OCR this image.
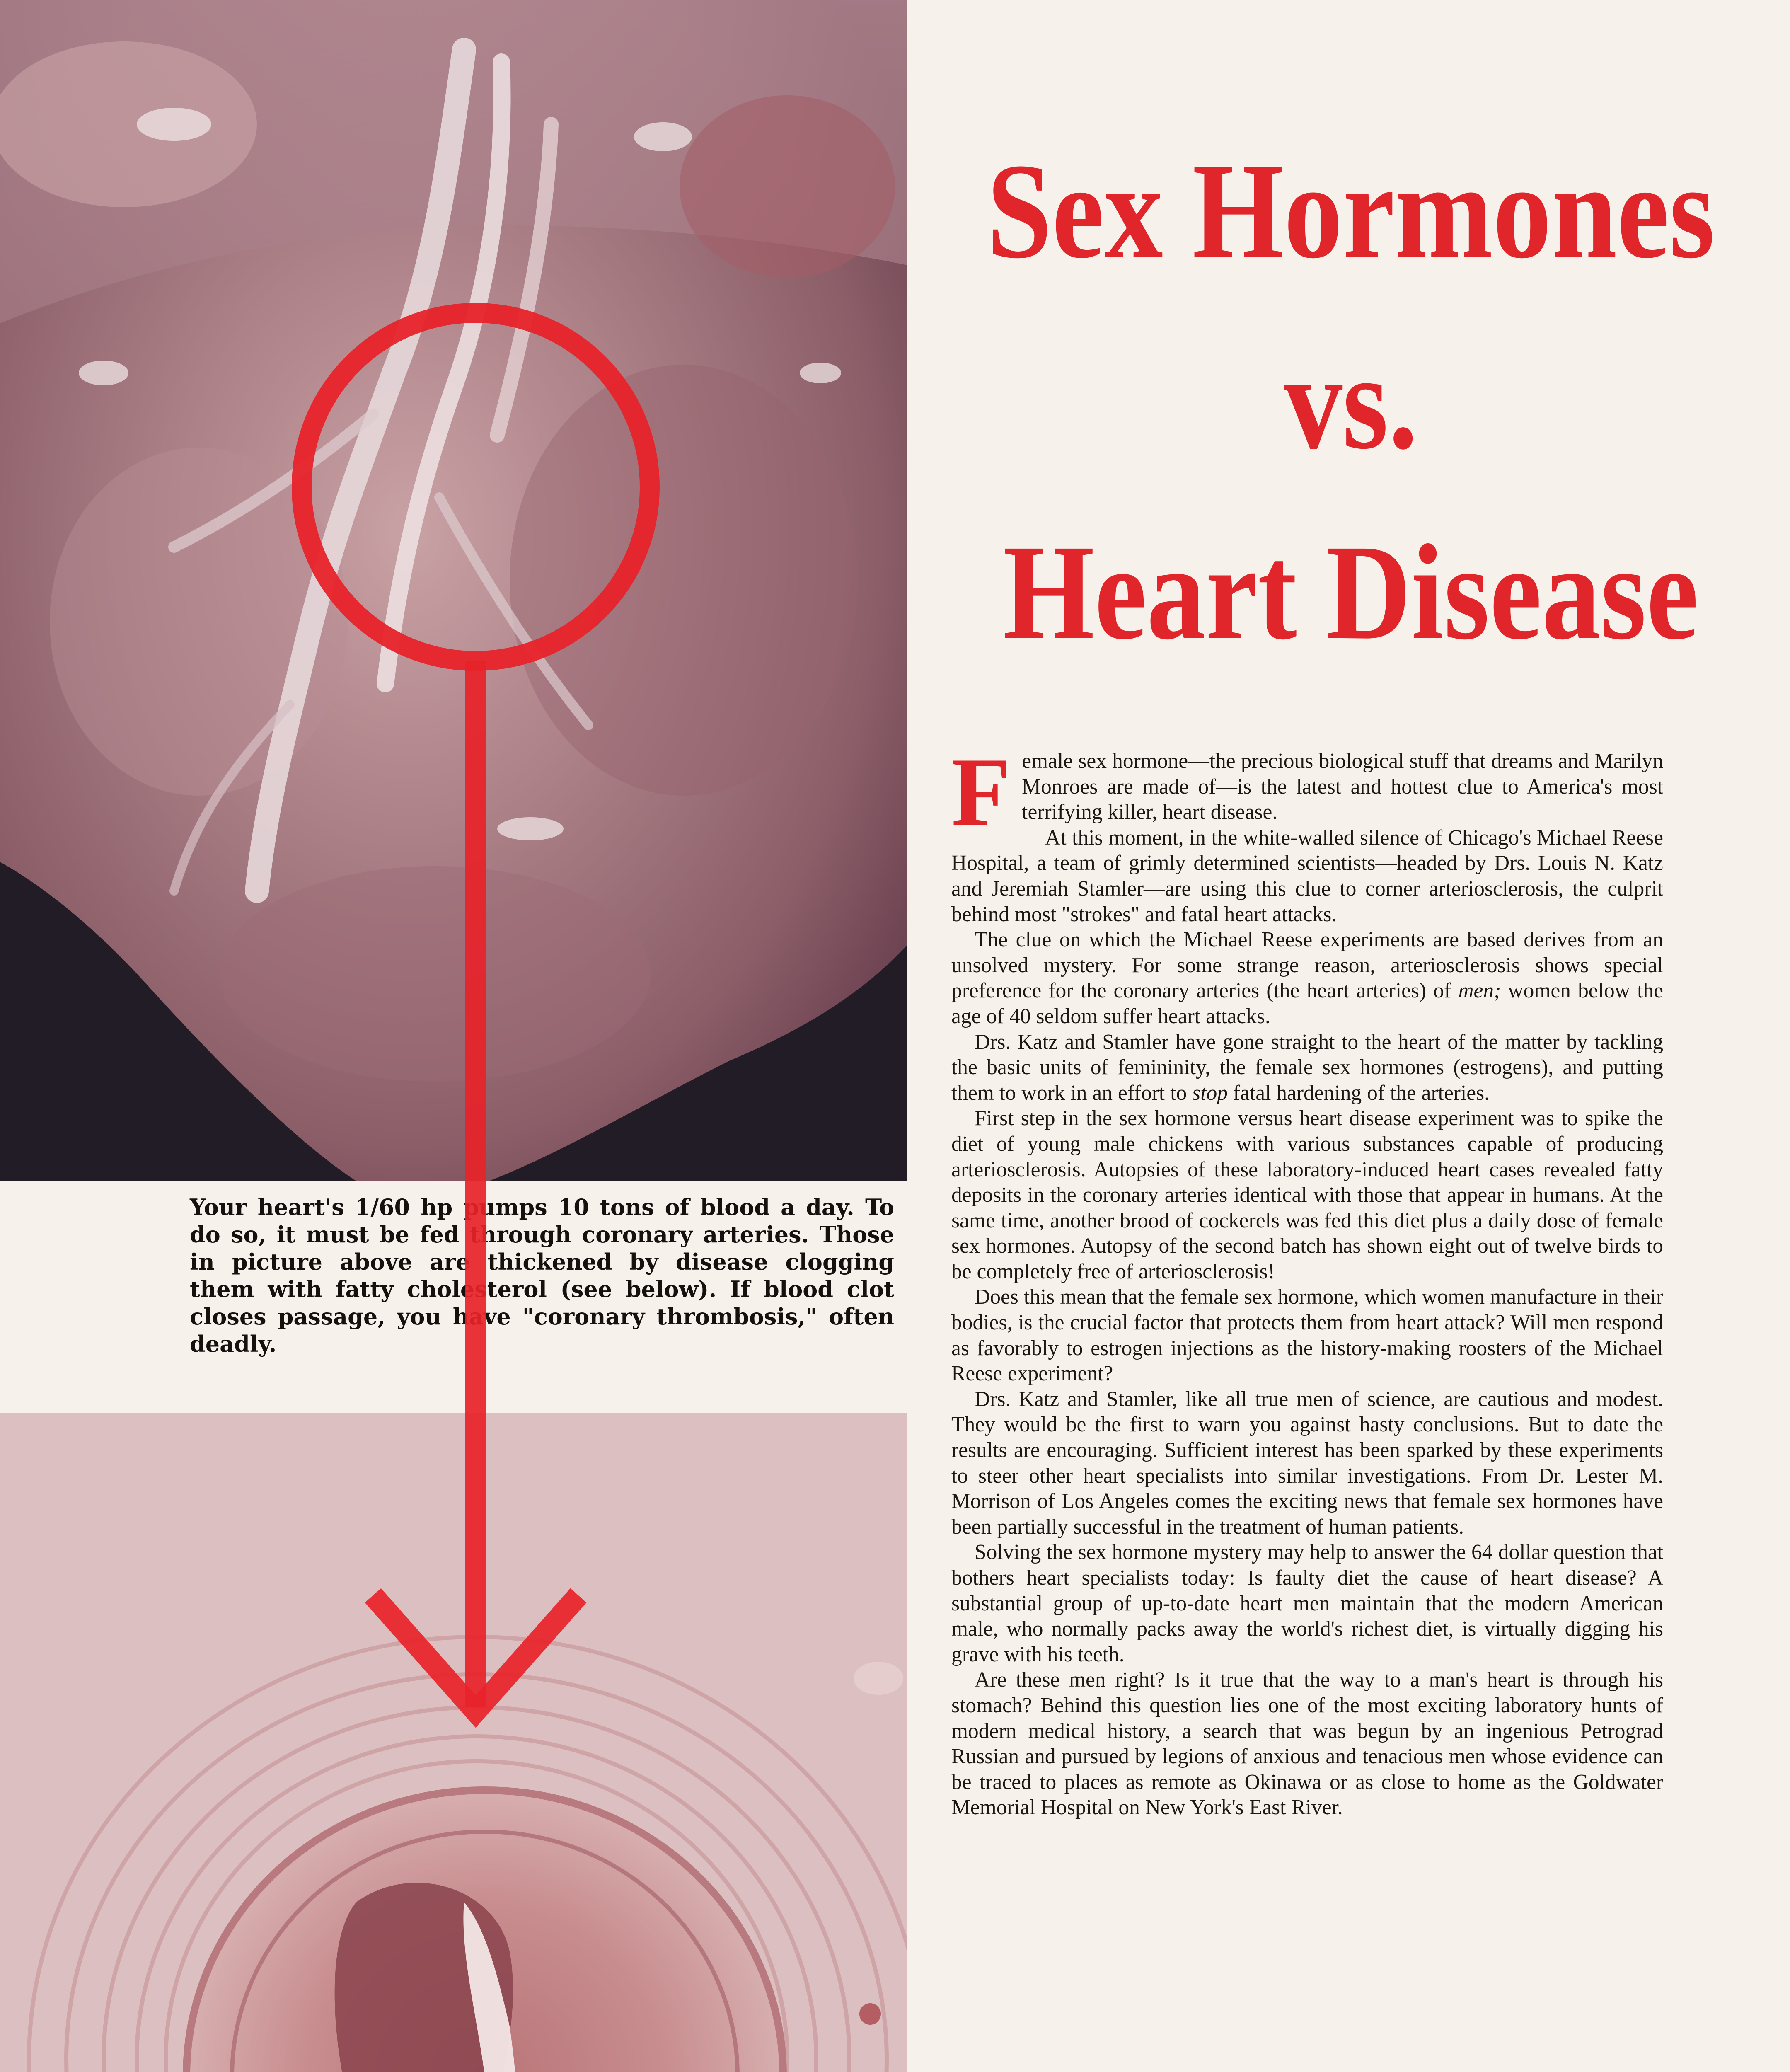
Your heart's 1/60 hp pumps 10 tons of blood a day. To do so, it must be fed through coronary arteries. Those in picture above are thickened by disease clogging them with fatty cholesterol (see below). If blood clot closes passage, you have "coronary thrombosis," often deadly.
Sex Hormones
vs.
Heart Disease

Female sex hormone—the precious biological stuff that dreams and Marilyn Monroes are made of—is the latest and hottest clue to America's most terrifying killer, heart disease.

At this moment, in the white-walled silence of Chicago's Michael Reese Hospital, a team of grimly determined scientists—headed by Drs. Louis N. Katz and Jeremiah Stamler—are using this clue to corner arteriosclerosis, the culprit behind most "strokes" and fatal heart attacks.

The clue on which the Michael Reese experiments are based derives from an unsolved mystery. For some strange reason, arteriosclerosis shows special preference for the coronary arteries (the heart arteries) of men; women below the age of 40 seldom suffer heart attacks.

Drs. Katz and Stamler have gone straight to the heart of the matter by tackling the basic units of femininity, the female sex hormones (estrogens), and putting them to work in an effort to stop fatal hardening of the arteries.

First step in the sex hormone versus heart disease experiment was to spike the diet of young male chickens with various substances capable of producing arteriosclerosis. Autopsies of these laboratory-induced heart cases revealed fatty deposits in the coronary arteries identical with those that appear in humans. At the same time, another brood of cockerels was fed this diet plus a daily dose of female sex hormones. Autopsy of the second batch has shown eight out of twelve birds to be completely free of arteriosclerosis!

Does this mean that the female sex hormone, which women manufacture in their bodies, is the crucial factor that protects them from heart attack? Will men respond as favorably to estrogen injections as the history-making roosters of the Michael Reese experiment?

Drs. Katz and Stamler, like all true men of science, are cautious and modest. They would be the first to warn you against hasty conclusions. But to date the results are encouraging. Sufficient interest has been sparked by these experiments to steer other heart specialists into similar investigations. From Dr. Lester M. Morrison of Los Angeles comes the exciting news that female sex hormones have been partially successful in the treatment of human patients.

Solving the sex hormone mystery may help to answer the 64 dollar question that bothers heart specialists today: Is faulty diet the cause of heart disease? A substantial group of up-to-date heart men maintain that the modern American male, who normally packs away the world's richest diet, is virtually digging his grave with his teeth.

Are these men right? Is it true that the way to a man's heart is through his stomach? Behind this question lies one of the most exciting laboratory hunts of modern medical history, a search that was begun by an ingenious Petrograd Russian and pursued by legions of anxious and tenacious men whose evidence can be traced to places as remote as Okinawa or as close to home as the Goldwater Memorial Hospital on New York's East River.
